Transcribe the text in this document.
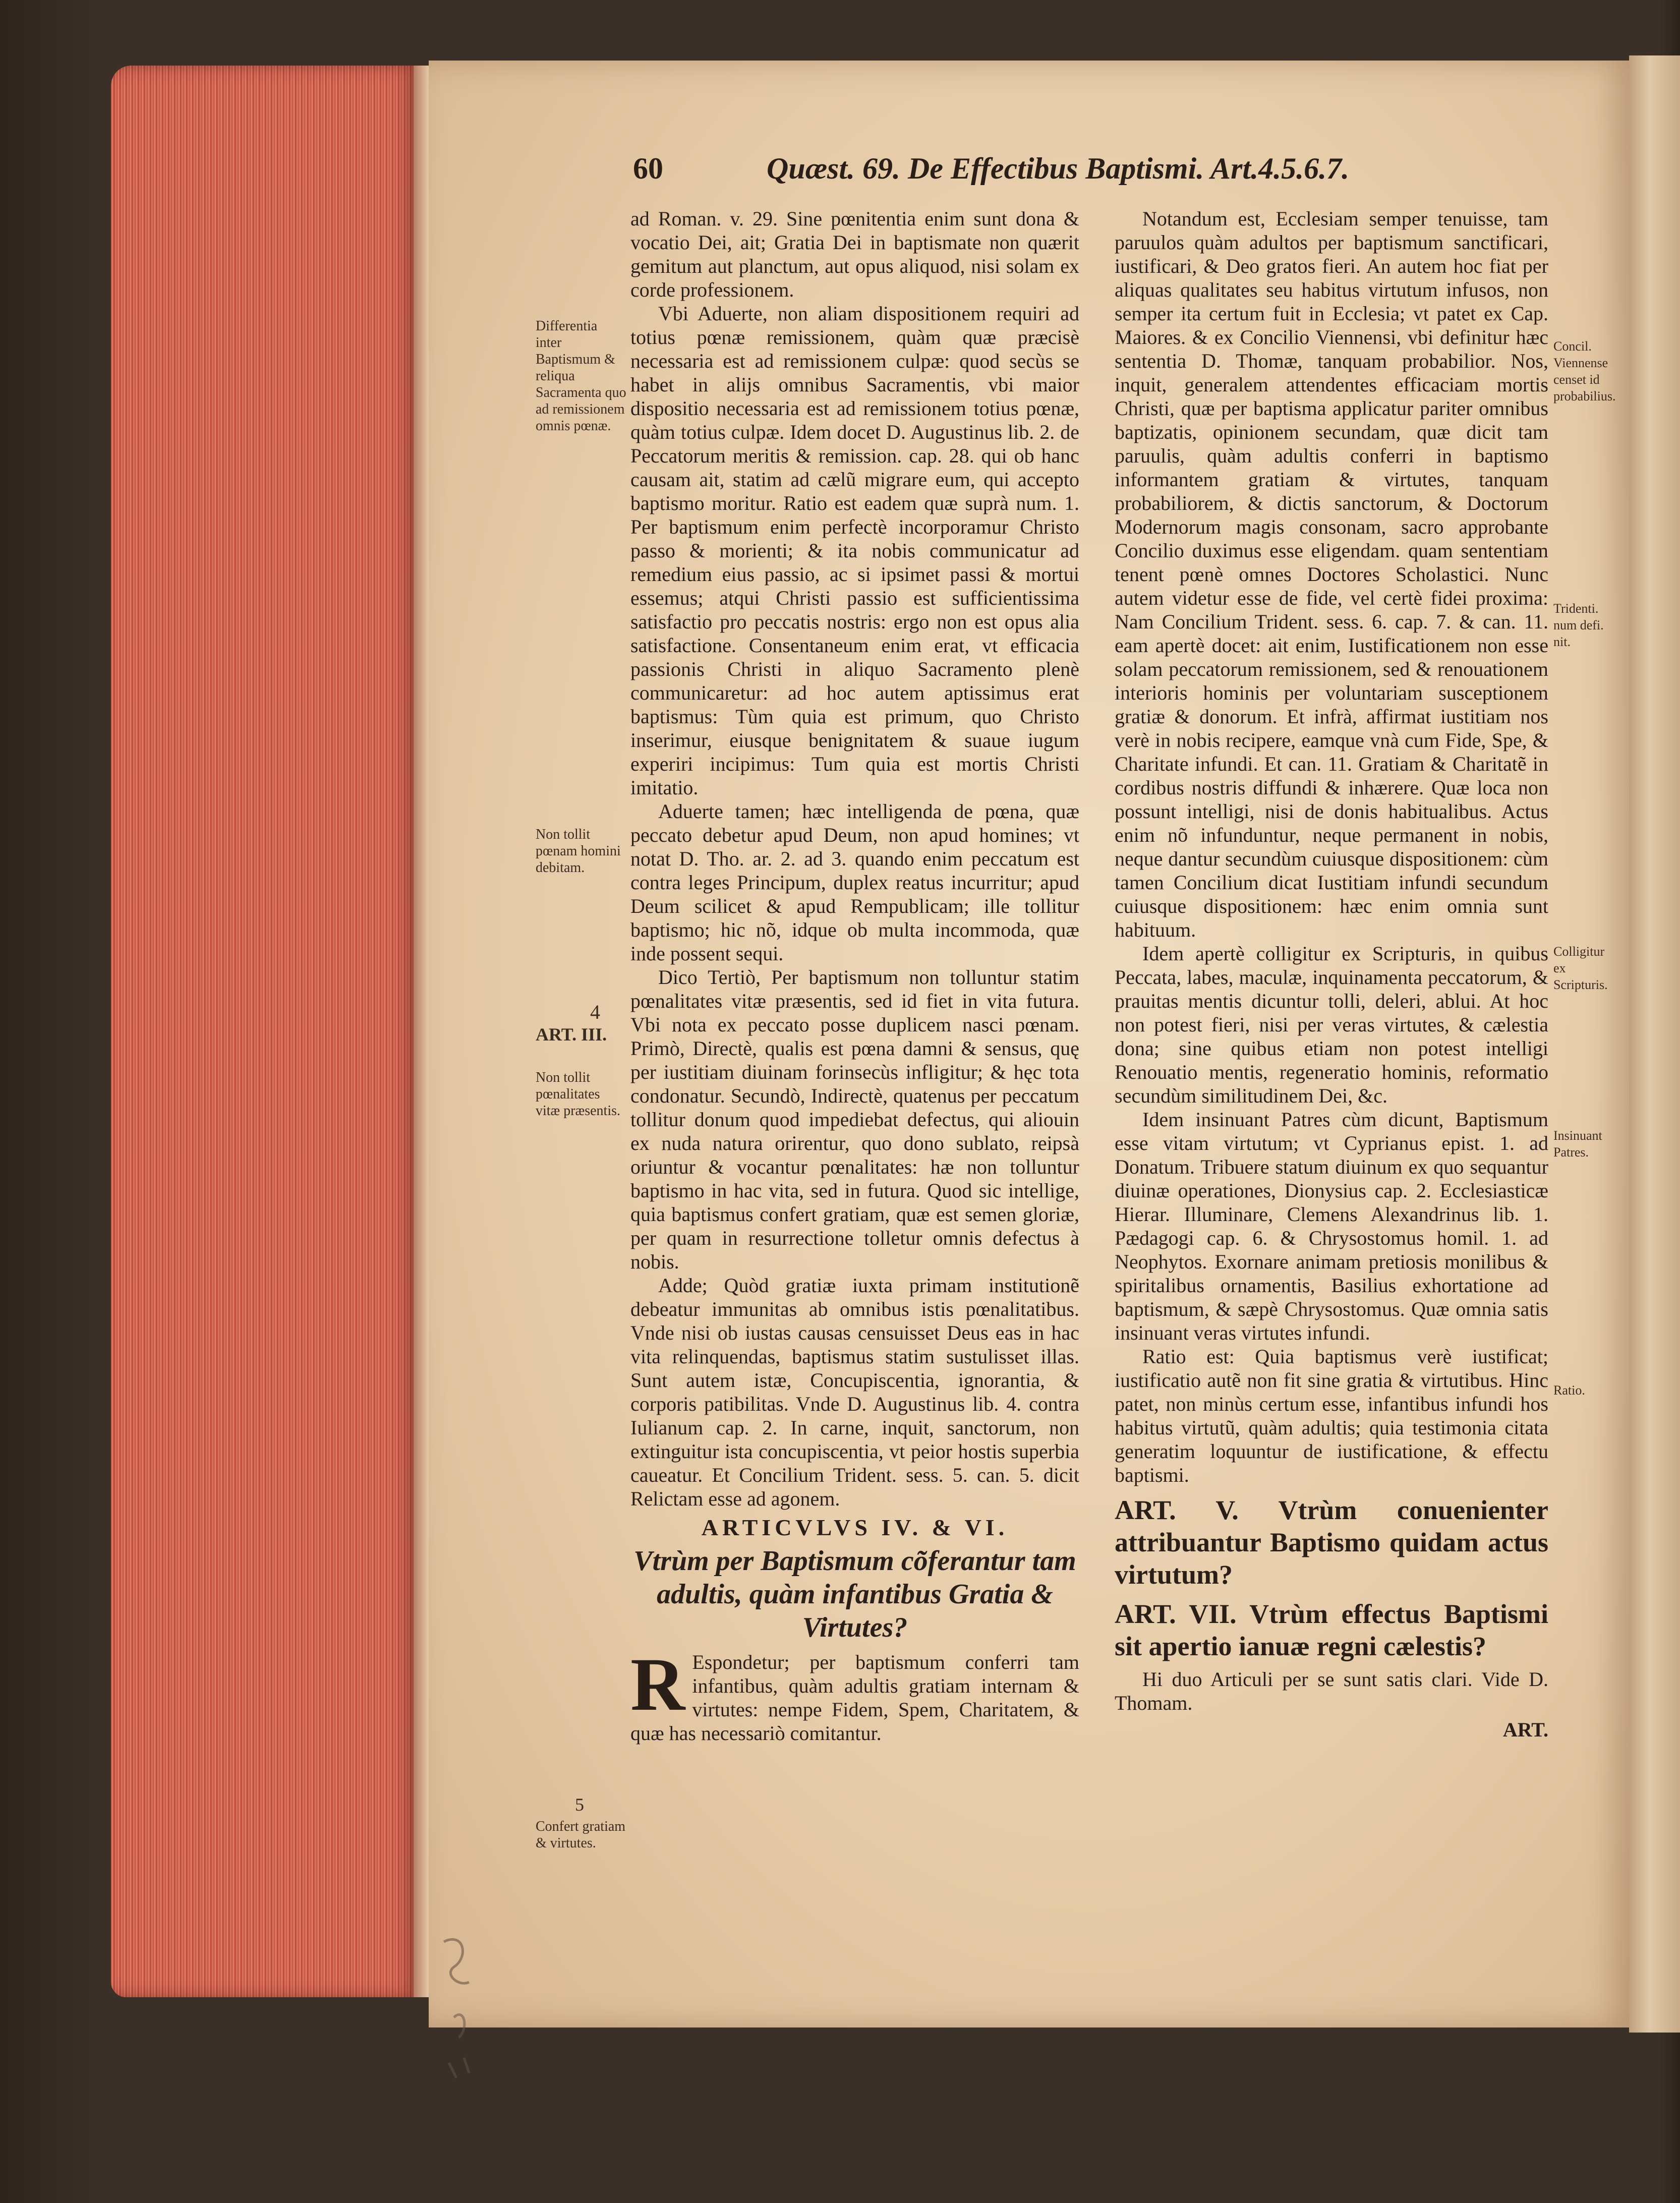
60	Quæst. 69. De Effectibus Baptismi. Art.4.5.6.7.

ad Roman. v. 29. Sine pœnitentia enim sunt dona & vocatio Dei, ait; Gratia Dei in baptismate non quærit gemitum aut planctum, aut opus aliquod, nisi solam ex corde professionem.

Vbi Aduerte, non aliam dispositionem requiri ad totius pœnæ remissionem, quàm quæ præcisè necessaria est ad remissionem culpæ: quod secùs se habet in alijs omnibus Sacramentis, vbi maior dispositio necessaria est ad remissionem totius pœnæ, quàm totius culpæ. Idem docet D. Augustinus lib. 2. de Peccatorum meritis & remission. cap. 28. qui ob hanc causam ait, statim ad cælũ migrare eum, qui accepto baptismo moritur. Ratio est eadem quæ suprà num. 1. Per baptismum enim perfectè incorporamur Christo passo & morienti; & ita nobis communicatur ad remedium eius passio, ac si ipsimet passi & mortui essemus; atqui Christi passio est sufficientissima satisfactio pro peccatis nostris: ergo non est opus alia satisfactione. Consentaneum enim erat, vt efficacia passionis Christi in aliquo Sacramento plenè communicaretur: ad hoc autem aptissimus erat baptismus: Tùm quia est primum, quo Christo inserimur, eiusque benignitatem & suaue iugum experiri incipimus: Tum quia est mortis Christi imitatio.

Aduerte tamen; hæc intelligenda de pœna, quæ peccato debetur apud Deum, non apud homines; vt notat D. Tho. ar. 2. ad 3. quando enim peccatum est contra leges Principum, duplex reatus incurritur; apud Deum scilicet & apud Rempublicam; ille tollitur baptismo; hic nõ, idque ob multa incommoda, quæ inde possent sequi.

Dico Tertiò, Per baptismum non tolluntur statim pœnalitates vitæ præsentis, sed id fiet in vita futura. Vbi nota ex peccato posse duplicem nasci pœnam. Primò, Directè, qualis est pœna damni & sensus, quę per iustitiam diuinam forinsecùs infligitur; & hęc tota condonatur. Secundò, Indirectè, quatenus per peccatum tollitur donum quod impediebat defectus, qui aliouin ex nuda natura orirentur, quo dono sublato, reipsà oriuntur & vocantur pœnalitates: hæ non tolluntur baptismo in hac vita, sed in futura. Quod sic intellige, quia baptismus confert gratiam, quæ est semen gloriæ, per quam in resurrectione tolletur omnis defectus à nobis.

Adde; Quòd gratiæ iuxta primam institutionẽ debeatur immunitas ab omnibus istis pœnalitatibus. Vnde nisi ob iustas causas censuisset Deus eas in hac vita relinquendas, baptismus statim sustulisset illas. Sunt autem istæ, Concupiscentia, ignorantia, & corporis patibilitas. Vnde D. Augustinus lib. 4. contra Iulianum cap. 2. In carne, inquit, sanctorum, non extinguitur ista concupiscentia, vt peior hostis superbia caueatur. Et Concilium Trident. sess. 5. can. 5. dicit Relictam esse ad agonem.

ARTICVLVS IV. & VI.
Vtrùm per Baptismum cõferantur tam adultis, quàm infantibus Gratia & Virtutes?

R Espondetur; per baptismum conferri tam infantibus, quàm adultis gratiam internam & virtutes: nempe Fidem, Spem, Charitatem, & quæ has necessariò comitantur.

Differentia inter Baptismum & reliqua Sacramenta quo ad remissionem omnis pœnæ.
Non tollit pœnam homini debitam.
4
ART. III.
Non tollit pœnalitates vitæ præsentis.
5
Confert gratiam & virtutes.

Notandum est, Ecclesiam semper tenuisse, tam paruulos quàm adultos per baptismum sanctificari, iustificari, & Deo gratos fieri. An autem hoc fiat per aliquas qualitates seu habitus virtutum infusos, non semper ita certum fuit in Ecclesia; vt patet ex Cap. Maiores. & ex Concilio Viennensi, vbi definitur hæc sententia D. Thomæ, tanquam probabilior. Nos, inquit, generalem attendentes efficaciam mortis Christi, quæ per baptisma applicatur pariter omnibus baptizatis, opinionem secundam, quæ dicit tam paruulis, quàm adultis conferri in baptismo informantem gratiam & virtutes, tanquam probabiliorem, & dictis sanctorum, & Doctorum Modernorum magis consonam, sacro approbante Concilio duximus esse eligendam. quam sententiam tenent pœnè omnes Doctores Scholastici. Nunc autem videtur esse de fide, vel certè fidei proxima: Nam Concilium Trident. sess. 6. cap. 7. & can. 11. eam apertè docet: ait enim, Iustificationem non esse solam peccatorum remissionem, sed & renouationem interioris hominis per voluntariam susceptionem gratiæ & donorum. Et infrà, affirmat iustitiam nos verè in nobis recipere, eamque vnà cum Fide, Spe, & Charitate infundi. Et can. 11. Gratiam & Charitatẽ in cordibus nostris diffundi & inhærere. Quæ loca non possunt intelligi, nisi de donis habitualibus. Actus enim nõ infunduntur, neque permanent in nobis, neque dantur secundùm cuiusque dispositionem: cùm tamen Concilium dicat Iustitiam infundi secundum cuiusque dispositionem: hæc enim omnia sunt habituum.

Idem apertè colligitur ex Scripturis, in quibus Peccata, labes, maculæ, inquinamenta peccatorum, & prauitas mentis dicuntur tolli, deleri, ablui. At hoc non potest fieri, nisi per veras virtutes, & cælestia dona; sine quibus etiam non potest intelligi Renouatio mentis, regeneratio hominis, reformatio secundùm similitudinem Dei, &c.

Idem insinuant Patres cùm dicunt, Baptismum esse vitam virtutum; vt Cyprianus epist. 1. ad Donatum. Tribuere statum diuinum ex quo sequantur diuinæ operationes, Dionysius cap. 2. Ecclesiasticæ Hierar. Illuminare, Clemens Alexandrinus lib. 1. Pædagogi cap. 6. & Chrysostomus homil. 1. ad Neophytos. Exornare animam pretiosis monilibus & spiritalibus ornamentis, Basilius exhortatione ad baptismum, & sæpè Chrysostomus. Quæ omnia satis insinuant veras virtutes infundi.

Ratio est: Quia baptismus verè iustificat; iustificatio autẽ non fit sine gratia & virtutibus. Hinc patet, non minùs certum esse, infantibus infundi hos habitus virtutũ, quàm adultis; quia testimonia citata generatim loquuntur de iustificatione, & effectu baptismi.

ART. V. Vtrùm conuenienter attribuantur Baptismo quidam actus virtutum?
ART. VII. Vtrùm effectus Baptismi sit apertio ianuæ regni cælestis?

Hi duo Articuli per se sunt satis clari. Vide D. Thomam.

ART.
Concil. Viennense censet id probabilius.
Tridenti. num defi. nit.
Colligitur ex Scripturis.
Insinuant Patres.
Ratio.
